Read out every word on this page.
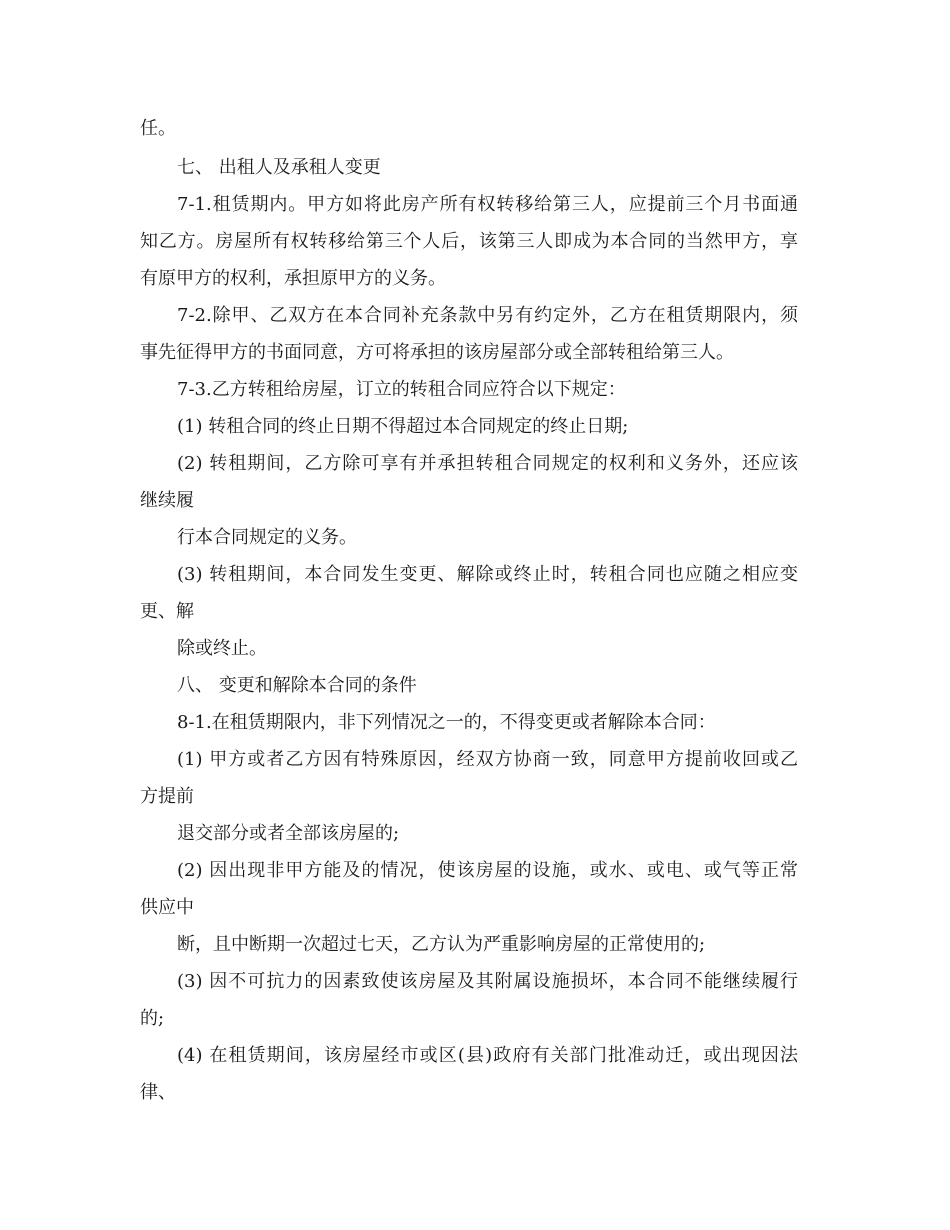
任。
七、 出租人及承租人变更
7-1.租赁期内。甲方如将此房产所有权转移给第三人，应提前三个月书面通
知乙方。房屋所有权转移给第三个人后，该第三人即成为本合同的当然甲方，享
有原甲方的权利，承担原甲方的义务。
7-2.除甲、乙双方在本合同补充条款中另有约定外，乙方在租赁期限内，须
事先征得甲方的书面同意，方可将承担的该房屋部分或全部转租给第三人。
7-3.乙方转租给房屋，订立的转租合同应符合以下规定：
(1) 转租合同的终止日期不得超过本合同规定的终止日期;
(2) 转租期间，乙方除可享有并承担转租合同规定的权利和义务外，还应该
继续履
行本合同规定的义务。
(3) 转租期间，本合同发生变更、解除或终止时，转租合同也应随之相应变
更、解
除或终止。
八、 变更和解除本合同的条件
8-1.在租赁期限内，非下列情况之一的，不得变更或者解除本合同：
(1) 甲方或者乙方因有特殊原因，经双方协商一致，同意甲方提前收回或乙
方提前
退交部分或者全部该房屋的;
(2) 因出现非甲方能及的情况，使该房屋的设施，或水、或电、或气等正常
供应中
断，且中断期一次超过七天，乙方认为严重影响房屋的正常使用的;
(3) 因不可抗力的因素致使该房屋及其附属设施损坏，本合同不能继续履行
的;
(4) 在租赁期间，该房屋经市或区(县)政府有关部门批准动迁，或出现因法
律、
